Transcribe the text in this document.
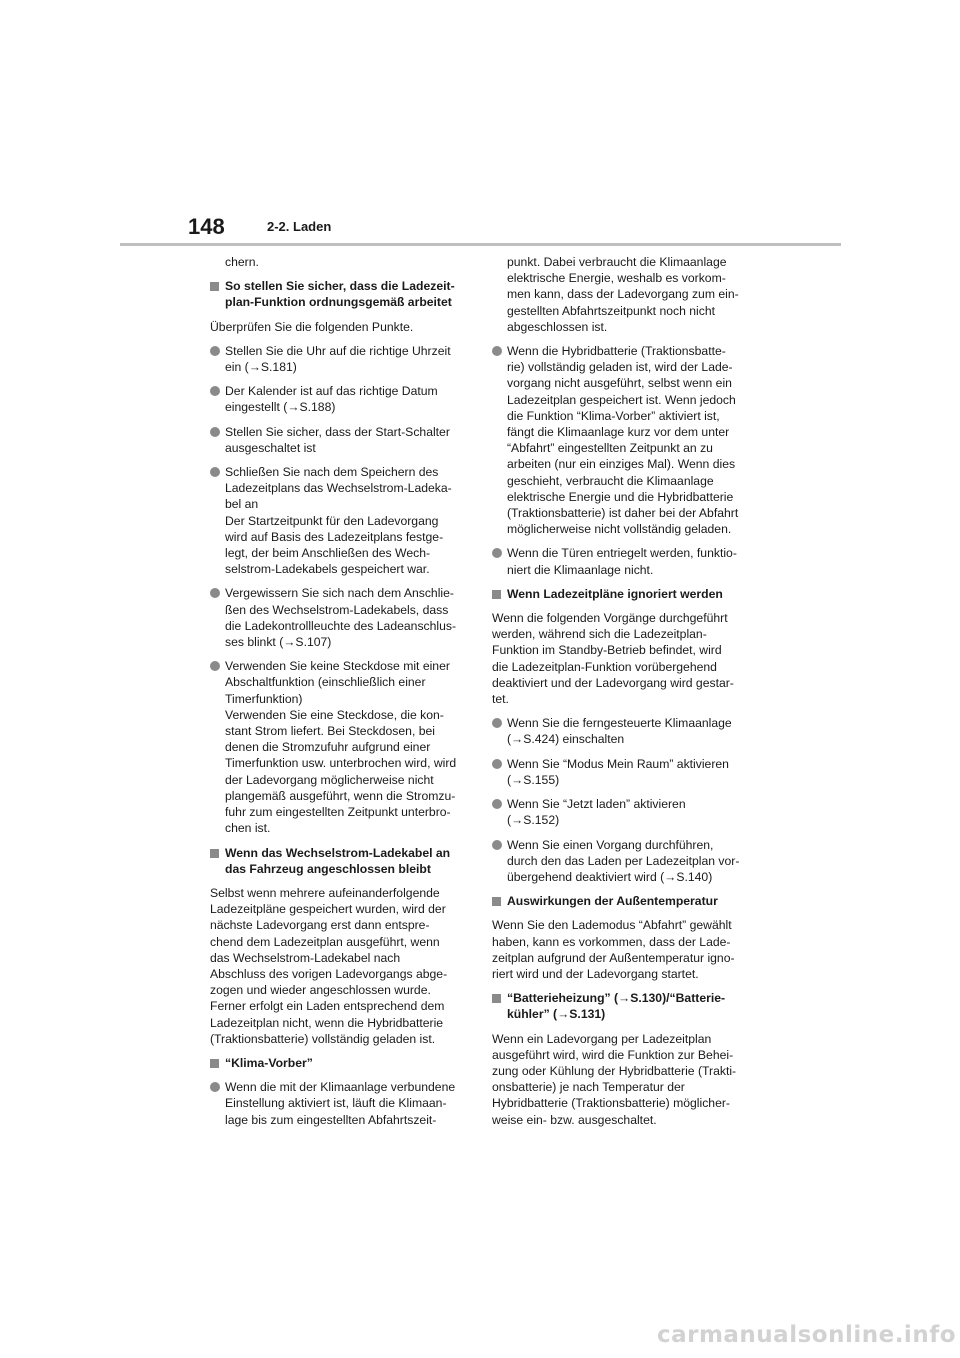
148	2-2. Laden
chern.
So stellen Sie sicher, dass die Ladezeit-
plan-Funktion ordnungsgemäß arbeitet
Überprüfen Sie die folgenden Punkte.
Stellen Sie die Uhr auf die richtige Uhrzeit
ein (→S.181)
Der Kalender ist auf das richtige Datum
eingestellt (→S.188)
Stellen Sie sicher, dass der Start-Schalter
ausgeschaltet ist
Schließen Sie nach dem Speichern des
Ladezeitplans das Wechselstrom-Ladeka-
bel an
Der Startzeitpunkt für den Ladevorgang
wird auf Basis des Ladezeitplans festge-
legt, der beim Anschließen des Wech-
selstrom-Ladekabels gespeichert war.
Vergewissern Sie sich nach dem Anschlie-
ßen des Wechselstrom-Ladekabels, dass
die Ladekontrollleuchte des Ladeanschlus-
ses blinkt (→S.107)
Verwenden Sie keine Steckdose mit einer
Abschaltfunktion (einschließlich einer
Timerfunktion)
Verwenden Sie eine Steckdose, die kon-
stant Strom liefert. Bei Steckdosen, bei
denen die Stromzufuhr aufgrund einer
Timerfunktion usw. unterbrochen wird, wird
der Ladevorgang möglicherweise nicht
plangemäß ausgeführt, wenn die Stromzu-
fuhr zum eingestellten Zeitpunkt unterbro-
chen ist.
Wenn das Wechselstrom-Ladekabel an
das Fahrzeug angeschlossen bleibt
Selbst wenn mehrere aufeinanderfolgende
Ladezeitpläne gespeichert wurden, wird der
nächste Ladevorgang erst dann entspre-
chend dem Ladezeitplan ausgeführt, wenn
das Wechselstrom-Ladekabel nach
Abschluss des vorigen Ladevorgangs abge-
zogen und wieder angeschlossen wurde.
Ferner erfolgt ein Laden entsprechend dem
Ladezeitplan nicht, wenn die Hybridbatterie
(Traktionsbatterie) vollständig geladen ist.
“Klima-Vorber”
Wenn die mit der Klimaanlage verbundene
Einstellung aktiviert ist, läuft die Klimaan-
lage bis zum eingestellten Abfahrtszeit-
punkt. Dabei verbraucht die Klimaanlage
elektrische Energie, weshalb es vorkom-
men kann, dass der Ladevorgang zum ein-
gestellten Abfahrtszeitpunkt noch nicht
abgeschlossen ist.
Wenn die Hybridbatterie (Traktionsbatte-
rie) vollständig geladen ist, wird der Lade-
vorgang nicht ausgeführt, selbst wenn ein
Ladezeitplan gespeichert ist. Wenn jedoch
die Funktion “Klima-Vorber” aktiviert ist,
fängt die Klimaanlage kurz vor dem unter
“Abfahrt” eingestellten Zeitpunkt an zu
arbeiten (nur ein einziges Mal). Wenn dies
geschieht, verbraucht die Klimaanlage
elektrische Energie und die Hybridbatterie
(Traktionsbatterie) ist daher bei der Abfahrt
möglicherweise nicht vollständig geladen.
Wenn die Türen entriegelt werden, funktio-
niert die Klimaanlage nicht.
Wenn Ladezeitpläne ignoriert werden
Wenn die folgenden Vorgänge durchgeführt
werden, während sich die Ladezeitplan-
Funktion im Standby-Betrieb befindet, wird
die Ladezeitplan-Funktion vorübergehend
deaktiviert und der Ladevorgang wird gestar-
tet.
Wenn Sie die ferngesteuerte Klimaanlage
(→S.424) einschalten
Wenn Sie “Modus Mein Raum” aktivieren
(→S.155)
Wenn Sie “Jetzt laden” aktivieren
(→S.152)
Wenn Sie einen Vorgang durchführen,
durch den das Laden per Ladezeitplan vor-
übergehend deaktiviert wird (→S.140)
Auswirkungen der Außentemperatur
Wenn Sie den Lademodus “Abfahrt” gewählt
haben, kann es vorkommen, dass der Lade-
zeitplan aufgrund der Außentemperatur igno-
riert wird und der Ladevorgang startet.
“Batterieheizung” (→S.130)/“Batterie-
kühler” (→S.131)
Wenn ein Ladevorgang per Ladezeitplan
ausgeführt wird, wird die Funktion zur Behei-
zung oder Kühlung der Hybridbatterie (Trakti-
onsbatterie) je nach Temperatur der
Hybridbatterie (Traktionsbatterie) möglicher-
weise ein- bzw. ausgeschaltet.
carmanualsonline.info
